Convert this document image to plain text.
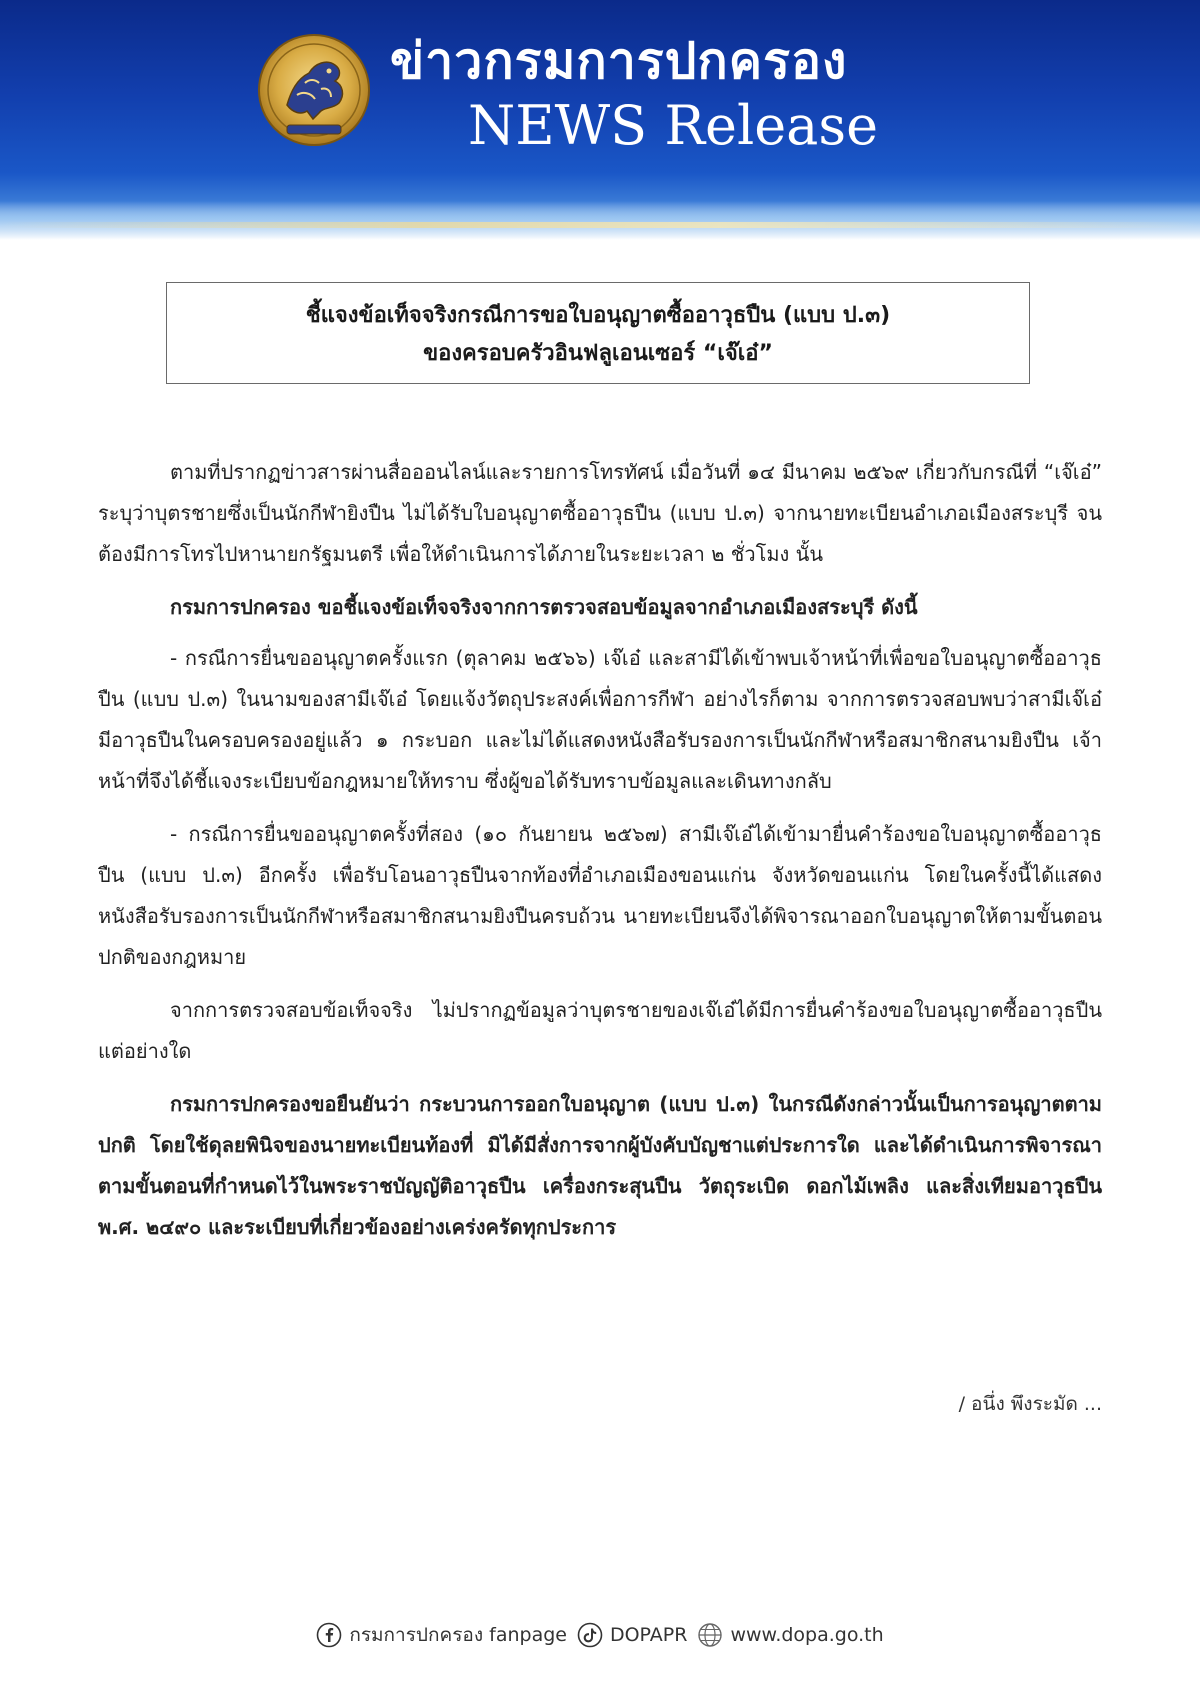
ข่าวกรมการปกครอง
NEWS Release
ชี้แจงข้อเท็จจริงกรณีการขอใบอนุญาตซื้ออาวุธปืน (แบบ ป.๓)
ของครอบครัวอินฟลูเอนเซอร์ “เจ๊เอ๋”

ตามที่ปรากฏข่าวสารผ่านสื่อออนไลน์และรายการโทรทัศน์ เมื่อวันที่ ๑๔ มีนาคม ๒๕๖๙ เกี่ยวกับกรณีที่ “เจ๊เอ๋” ระบุว่าบุตรชายซึ่งเป็นนักกีฬายิงปืน ไม่ได้รับใบอนุญาตซื้ออาวุธปืน (แบบ ป.๓) จากนายทะเบียนอำเภอเมืองสระบุรี จนต้องมีการโทรไปหานายกรัฐมนตรี เพื่อให้ดำเนินการได้ภายในระยะเวลา ๒ ชั่วโมง นั้น

กรมการปกครอง ขอชี้แจงข้อเท็จจริงจากการตรวจสอบข้อมูลจากอำเภอเมืองสระบุรี ดังนี้

- กรณีการยื่นขออนุญาตครั้งแรก (ตุลาคม ๒๕๖๖) เจ๊เอ๋ และสามีได้เข้าพบเจ้าหน้าที่เพื่อขอใบอนุญาตซื้ออาวุธปืน (แบบ ป.๓) ในนามของสามีเจ๊เอ๋ โดยแจ้งวัตถุประสงค์เพื่อการกีฬา อย่างไรก็ตาม จากการตรวจสอบพบว่าสามีเจ๊เอ๋มีอาวุธปืนในครอบครองอยู่แล้ว ๑ กระบอก และไม่ได้แสดงหนังสือรับรองการเป็นนักกีฬาหรือสมาชิกสนามยิงปืน เจ้าหน้าที่จึงได้ชี้แจงระเบียบข้อกฎหมายให้ทราบ ซึ่งผู้ขอได้รับทราบข้อมูลและเดินทางกลับ

- กรณีการยื่นขออนุญาตครั้งที่สอง (๑๐ กันยายน ๒๕๖๗) สามีเจ๊เอ๋ได้เข้ามายื่นคำร้องขอใบอนุญาตซื้ออาวุธปืน (แบบ ป.๓) อีกครั้ง เพื่อรับโอนอาวุธปืนจากท้องที่อำเภอเมืองขอนแก่น จังหวัดขอนแก่น โดยในครั้งนี้ได้แสดงหนังสือรับรองการเป็นนักกีฬาหรือสมาชิกสนามยิงปืนครบถ้วน นายทะเบียนจึงได้พิจารณาออกใบอนุญาตให้ตามขั้นตอนปกติของกฎหมาย

จากการตรวจสอบข้อเท็จจริง ไม่ปรากฏข้อมูลว่าบุตรชายของเจ๊เอ๋ได้มีการยื่นคำร้องขอใบอนุญาตซื้ออาวุธปืนแต่อย่างใด

กรมการปกครองขอยืนยันว่า กระบวนการออกใบอนุญาต (แบบ ป.๓) ในกรณีดังกล่าวนั้นเป็นการอนุญาตตามปกติ โดยใช้ดุลยพินิจของนายทะเบียนท้องที่ มิได้มีสั่งการจากผู้บังคับบัญชาแต่ประการใด และได้ดำเนินการพิจารณาตามขั้นตอนที่กำหนดไว้ในพระราชบัญญัติอาวุธปืน เครื่องกระสุนปืน วัตถุระเบิด ดอกไม้เพลิง และสิ่งเทียมอาวุธปืน พ.ศ. ๒๔๙๐ และระเบียบที่เกี่ยวข้องอย่างเคร่งครัดทุกประการ

/ อนึ่ง พึงระมัด ...
กรมการปกครอง fanpage DOPAPR www.dopa.go.th
